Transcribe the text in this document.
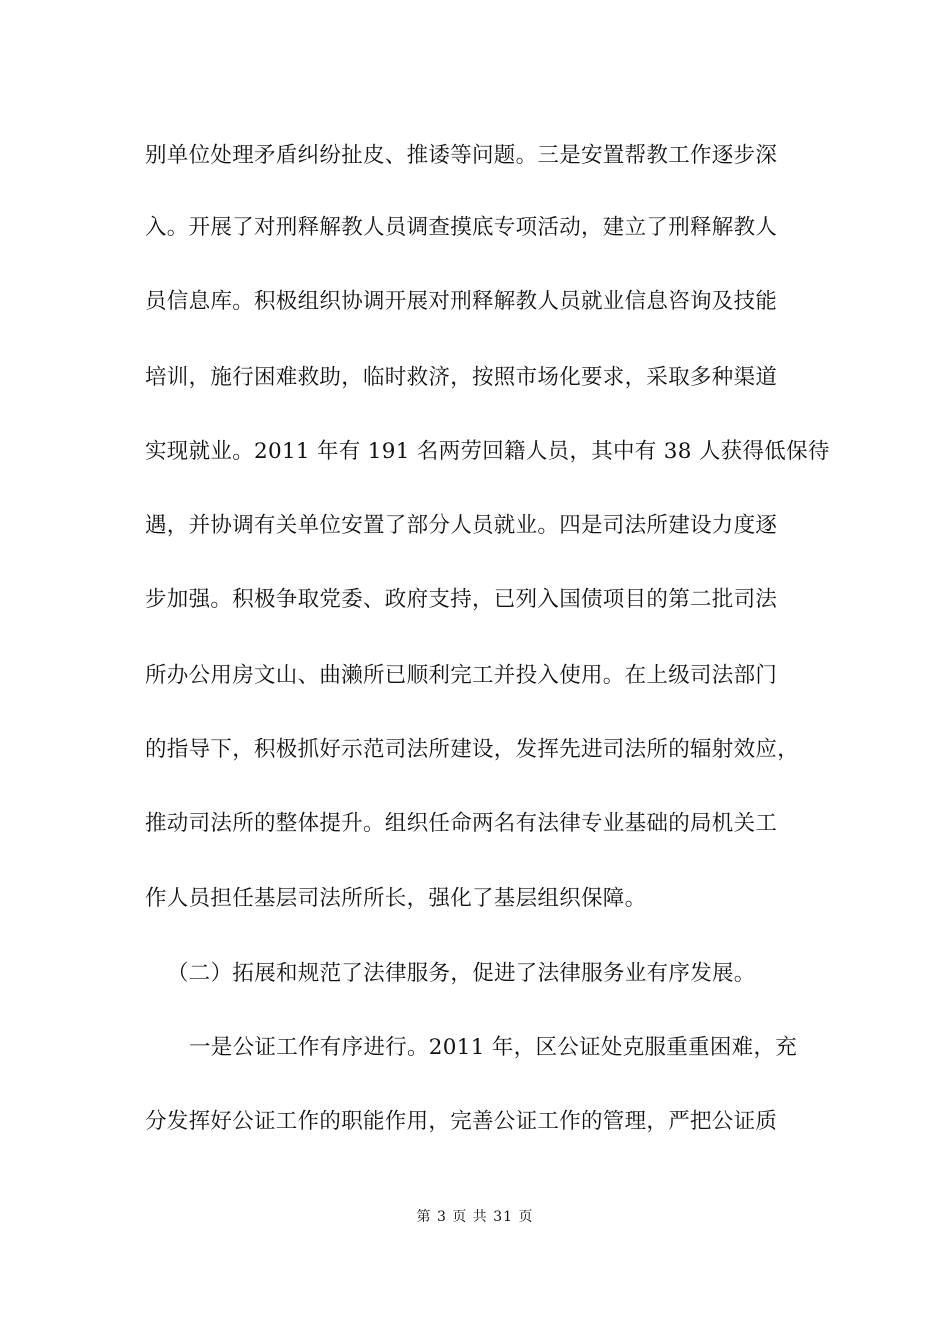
别单位处理矛盾纠纷扯皮、推诿等问题。三是安置帮教工作逐步深
入。开展了对刑释解教人员调查摸底专项活动，建立了刑释解教人
员信息库。积极组织协调开展对刑释解教人员就业信息咨询及技能
培训，施行困难救助，临时救济，按照市场化要求，采取多种渠道
实现就业。2011 年有 191 名两劳回籍人员，其中有 38 人获得低保待
遇，并协调有关单位安置了部分人员就业。四是司法所建设力度逐
步加强。积极争取党委、政府支持，已列入国债项目的第二批司法
所办公用房文山、曲濑所已顺利完工并投入使用。在上级司法部门
的指导下，积极抓好示范司法所建设，发挥先进司法所的辐射效应，
推动司法所的整体提升。组织任命两名有法律专业基础的局机关工
作人员担任基层司法所所长，强化了基层组织保障。
（二）拓展和规范了法律服务，促进了法律服务业有序发展。
一是公证工作有序进行。2011 年，区公证处克服重重困难，充
分发挥好公证工作的职能作用，完善公证工作的管理，严把公证质
第 3 页 共 31 页
